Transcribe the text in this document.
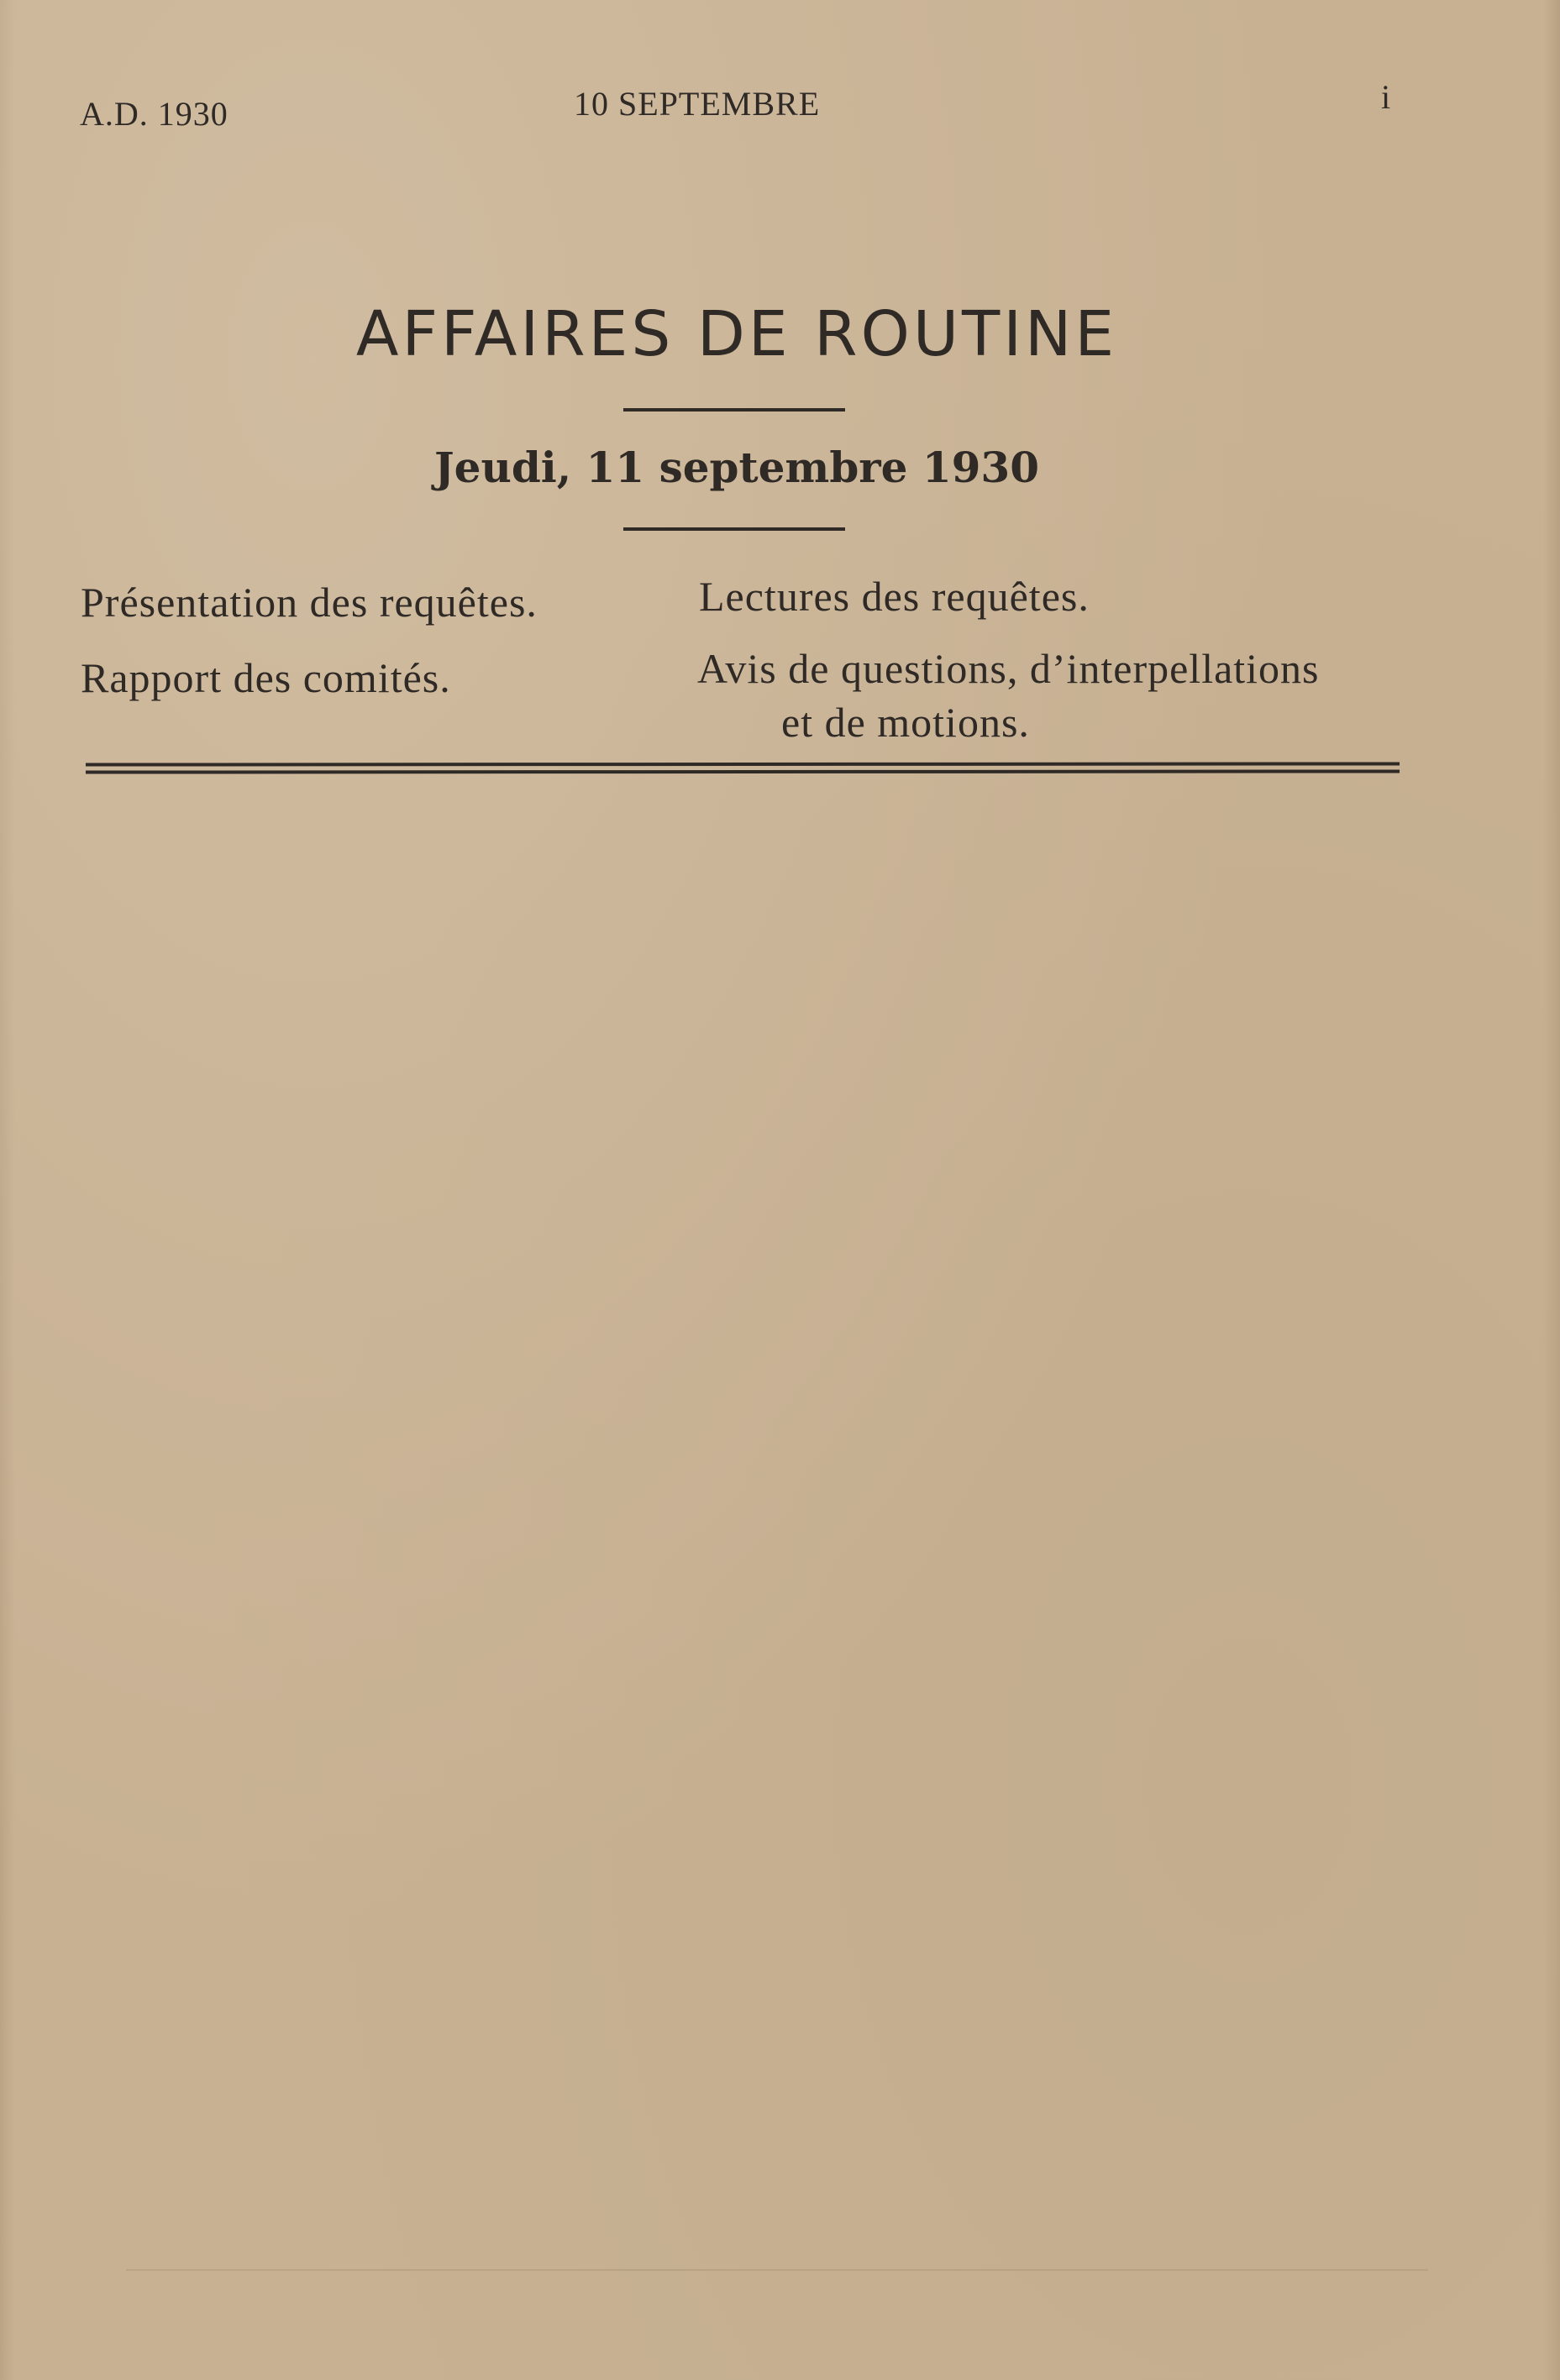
A.D. 1930	10 SEPTEMBRE	i
AFFAIRES DE ROUTINE
Jeudi, 11 septembre 1930
Présentation des requêtes.
Rapport des comités.
Lectures des requêtes.
Avis de questions, d’interpellations
et de motions.
